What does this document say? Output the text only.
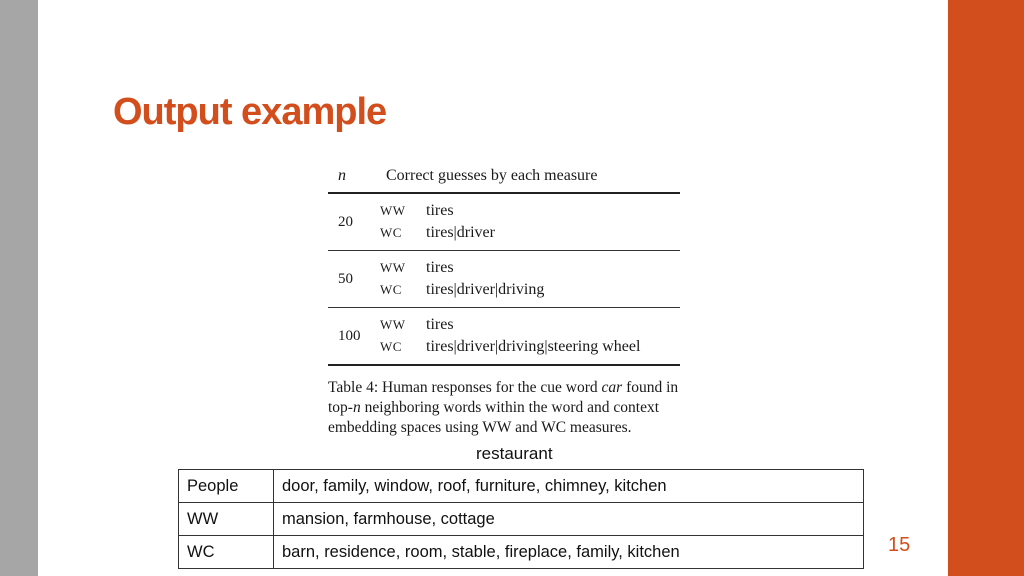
Output example

n	Correct guesses by each measure	
20	WW	tires
	WC	tires|driver
50	WW	tires
	WC	tires|driver|driving
100	WW	tires
	WC	tires|driver|driving|steering wheel
Table 4: Human responses for the cue word car found in top-n neighboring words within the word and context embedding spaces using WW and WC measures.
restaurant
People	door, family, window, roof, furniture, chimney, kitchen
WW	mansion, farmhouse, cottage
WC	barn, residence, room, stable, fireplace, family, kitchen	15
